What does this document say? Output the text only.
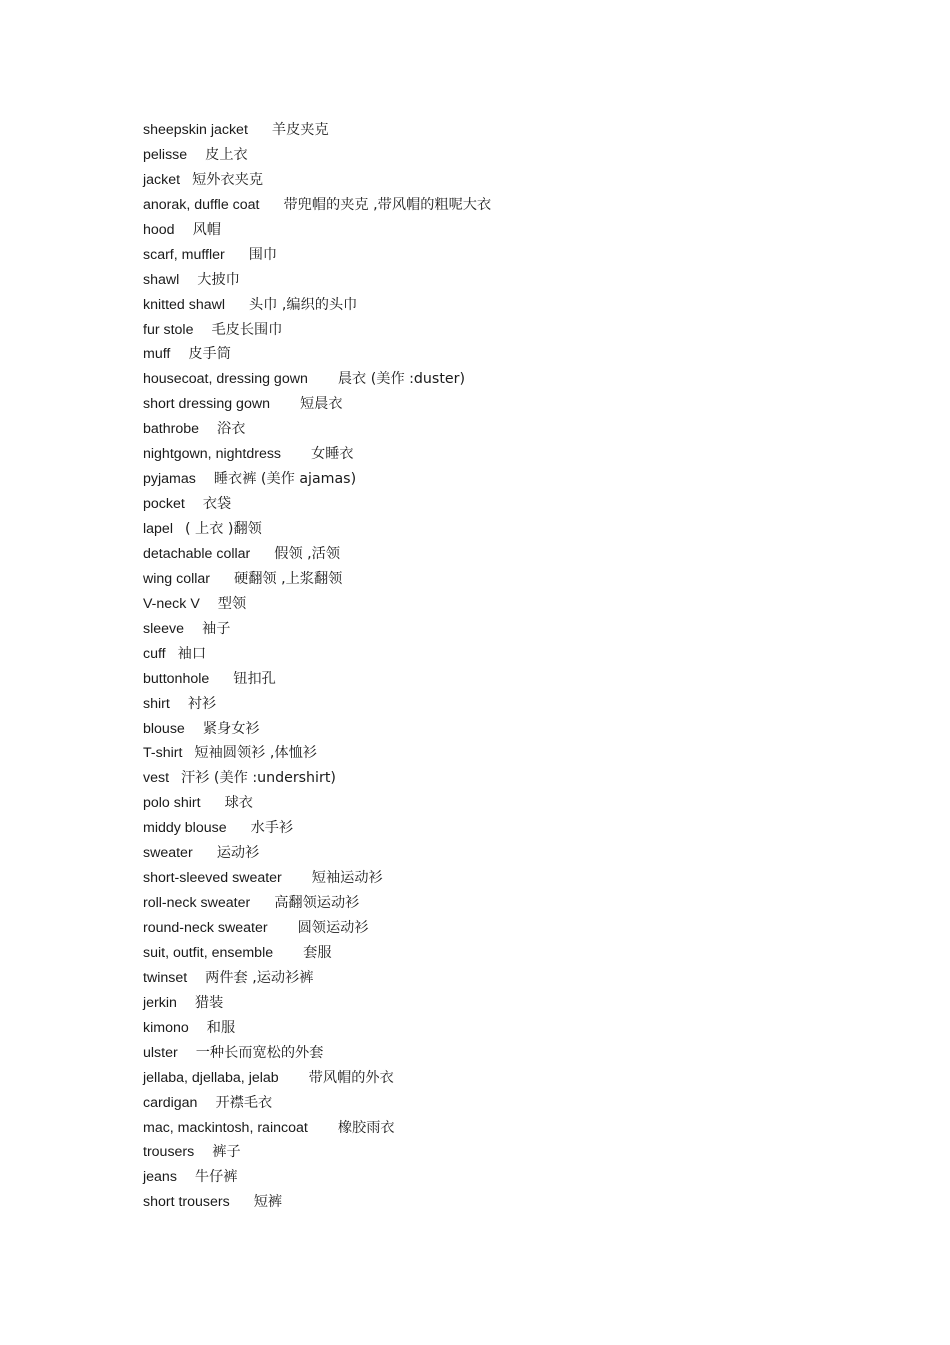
sheepskin jacket 羊皮夹克
pelisse 皮上衣
jacket 短外衣夹克
anorak, duffle coat 带兜帽的夹克 ,带风帽的粗呢大衣
hood 风帽
scarf, muffler 围巾
shawl 大披巾
knitted shawl 头巾 ,编织的头巾
fur stole 毛皮长围巾
muff 皮手筒
housecoat, dressing gown 晨衣 (美作 :duster)
short dressing gown 短晨衣
bathrobe 浴衣
nightgown, nightdress 女睡衣
pyjamas 睡衣裤 (美作 ajamas)
pocket 衣袋
lapel ( 上衣 )翻领
detachable collar 假领 ,活领
wing collar 硬翻领 ,上浆翻领
V-neck V 型领
sleeve 袖子
cuff 袖口
buttonhole 钮扣孔
shirt 衬衫
blouse 紧身女衫
T-shirt 短袖圆领衫 ,体恤衫
vest 汗衫 (美作 :undershirt)
polo shirt 球衣
middy blouse 水手衫
sweater 运动衫
short-sleeved sweater 短袖运动衫
roll-neck sweater 高翻领运动衫
round-neck sweater 圆领运动衫
suit, outfit, ensemble 套服
twinset 两件套 ,运动衫裤
jerkin 猎装
kimono 和服
ulster 一种长而宽松的外套
jellaba, djellaba, jelab 带风帽的外衣
cardigan 开襟毛衣
mac, mackintosh, raincoat 橡胶雨衣
trousers 裤子
jeans 牛仔裤
short trousers 短裤
